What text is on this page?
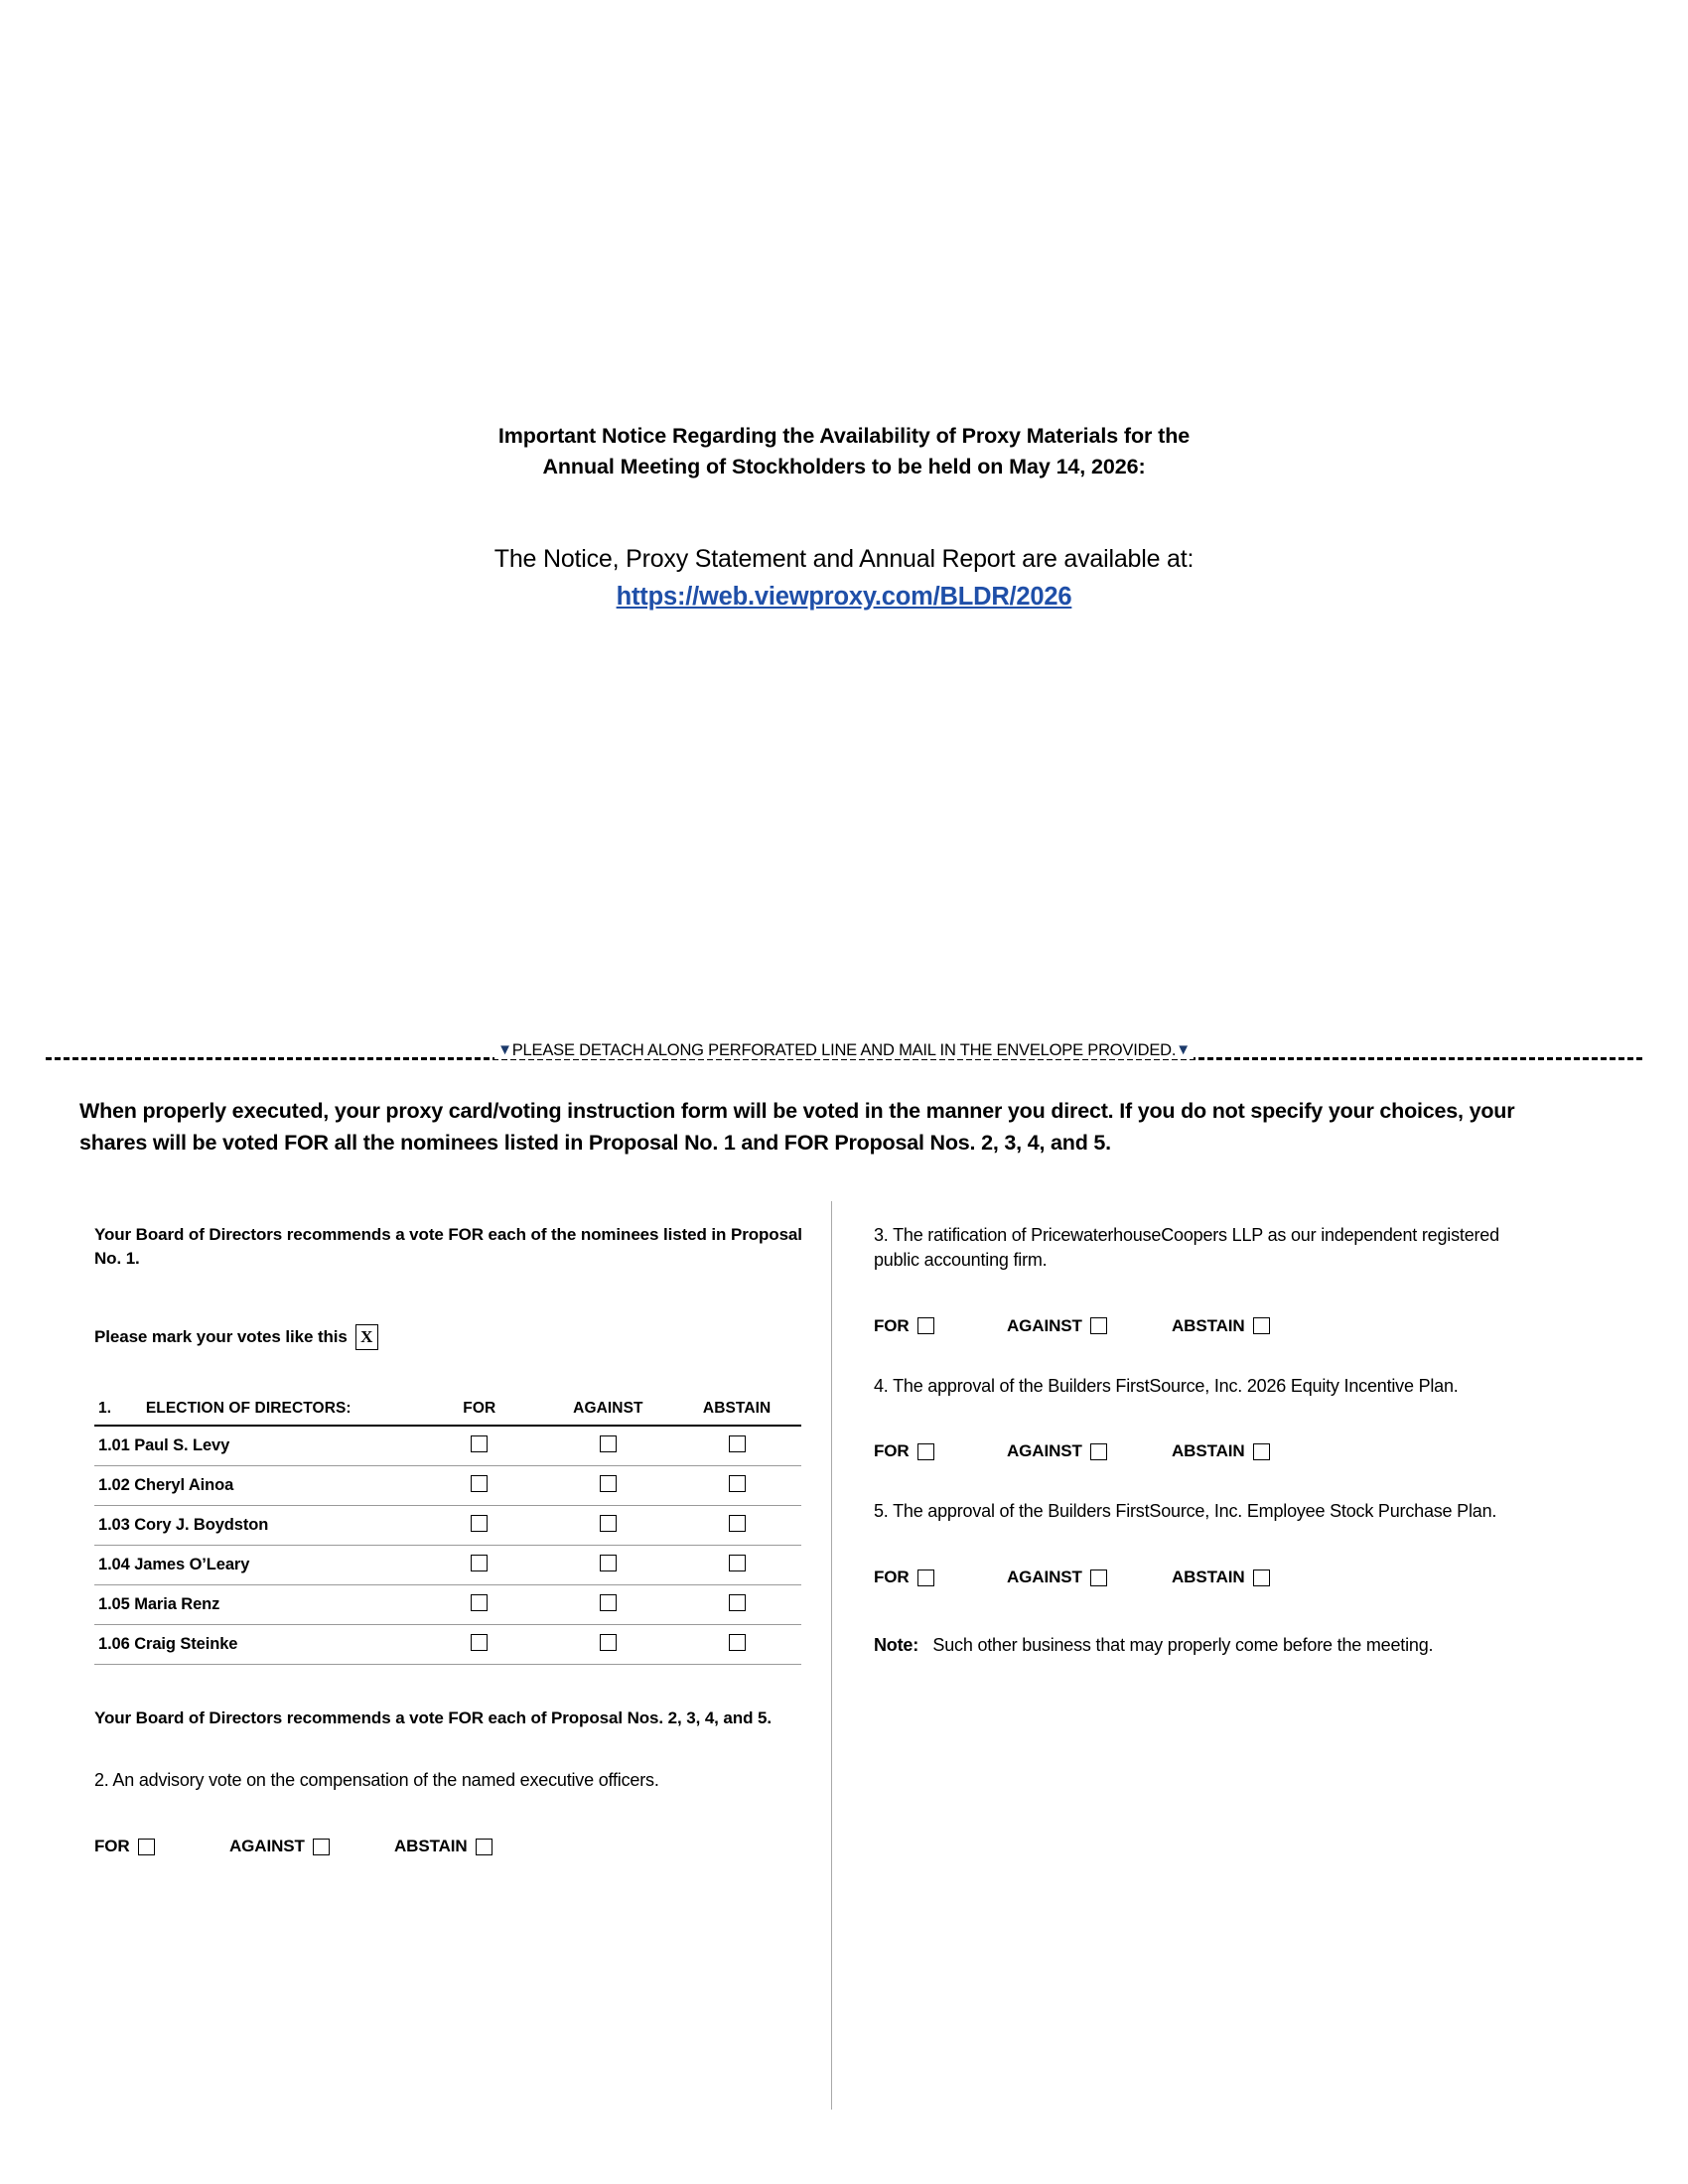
Important Notice Regarding the Availability of Proxy Materials for the
Annual Meeting of Stockholders to be held on May 14, 2026:
The Notice, Proxy Statement and Annual Report are available at:
https://web.viewproxy.com/BLDR/2026
▼PLEASE DETACH ALONG PERFORATED LINE AND MAIL IN THE ENVELOPE PROVIDED.▼
When properly executed, your proxy card/voting instruction form will be voted in the manner you direct. If you do not specify your choices, your shares will be voted FOR all the nominees listed in Proposal No. 1 and FOR Proposal Nos. 2, 3, 4, and 5.
Your Board of Directors recommends a vote FOR each of the nominees listed in Proposal No. 1.
Please mark your votes like this X
1.	ELECTION OF DIRECTORS:	FOR	AGAINST	ABSTAIN
1.01 Paul S. Levy				
1.02 Cheryl Ainoa				
1.03 Cory J. Boydston				
1.04 James O’Leary				
1.05 Maria Renz				
1.06 Craig Steinke				
Your Board of Directors recommends a vote FOR each of Proposal Nos. 2, 3, 4, and 5.
2. An advisory vote on the compensation of the named executive officers.
FOR	AGAINST	ABSTAIN
3. The ratification of PricewaterhouseCoopers LLP as our independent registered public accounting firm.
FOR	AGAINST	ABSTAIN
4. The approval of the Builders FirstSource, Inc. 2026 Equity Incentive Plan.
FOR	AGAINST	ABSTAIN
5. The approval of the Builders FirstSource, Inc. Employee Stock Purchase Plan.
FOR	AGAINST	ABSTAIN
Note: Such other business that may properly come before the meeting.
